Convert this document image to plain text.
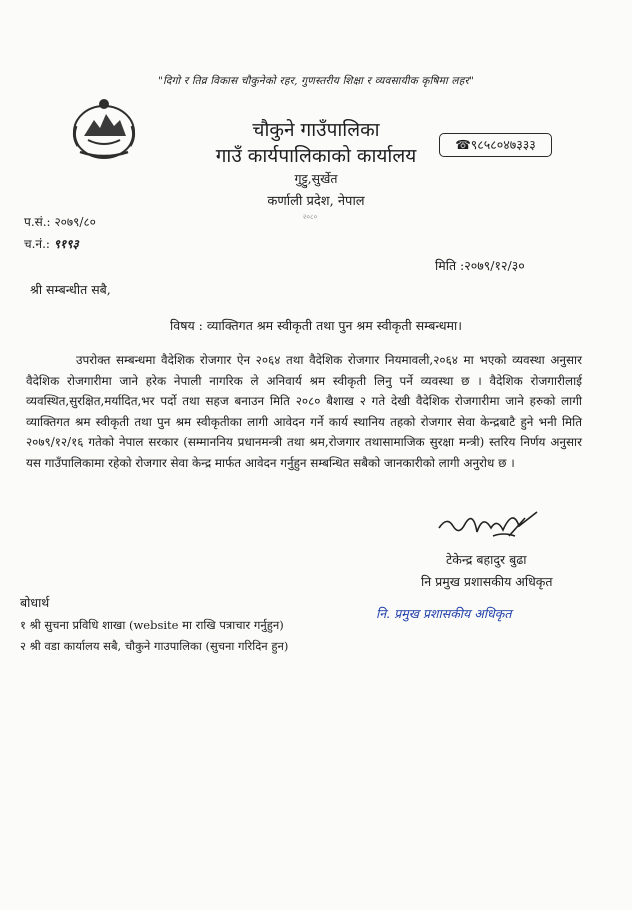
"दिगो र तिव्र विकास चौकुनेको रहर, गुणस्तरीय शिक्षा र व्यवसायीक कृषिमा लहर"
चौकुने गाउँपालिका
गाउँ कार्यपालिकाको कार्यालय
गुट्टु,सुर्खेत
कर्णाली प्रदेश, नेपाल
२०८०
☎९८५८०४७३३३
प.सं.: २०७९/८०
च.नं.: ९१९३
मिति :२०७९/१२/३०
श्री सम्बन्धीत सबै,
विषय : व्याक्तिगत श्रम स्वीकृती तथा पुन श्रम स्वीकृती सम्बन्धमा।

उपरोक्त सम्बन्धमा वैदेशिक रोजगार ऐन २०६४ तथा वैदेशिक रोजगार नियमावली,२०६४ मा भएको व्यवस्था अनुसार वैदेशिक रोजगारीमा जाने हरेक नेपाली नागरिक ले अनिवार्य श्रम स्वीकृती लिनु पर्ने व्यवस्था छ । वैदेशिक रोजगारीलाई व्यवस्थित,सुरक्षित,मर्यादित,भर पर्दो तथा सहज बनाउन मिति २०८० बैशाख २ गते देखी वैदेशिक रोजगारीमा जाने हरुको लागी व्याक्तिगत श्रम स्वीकृती तथा पुन श्रम स्वीकृतीका लागी आवेदन गर्ने कार्य स्थानिय तहको रोजगार सेवा केन्द्रबाटै हुने भनी मिति २०७९/१२/१६ गतेको नेपाल सरकार (सम्माननिय प्रधानमन्त्री तथा श्रम,रोजगार तथासामाजिक सुरक्षा मन्त्री) स्तरिय निर्णय अनुसार यस गाउँपालिकामा रहेको रोजगार सेवा केन्द्र मार्फत आवेदन गर्नुहुन सम्बन्धित सबैको जानकारीको लागी अनुरोध छ ।

टेकेन्द्र बहादुर बुढा
नि प्रमुख प्रशासकीय अधिकृत
नि. प्रमुख प्रशासकीय अधिकृत
बोधार्थ
१ श्री सुचना प्रविधि शाखा (website मा राखि पत्राचार गर्नुहुन)
२ श्री वडा कार्यालय सबै, चौकुने गाउपालिका (सुचना गरिदिन हुन)
